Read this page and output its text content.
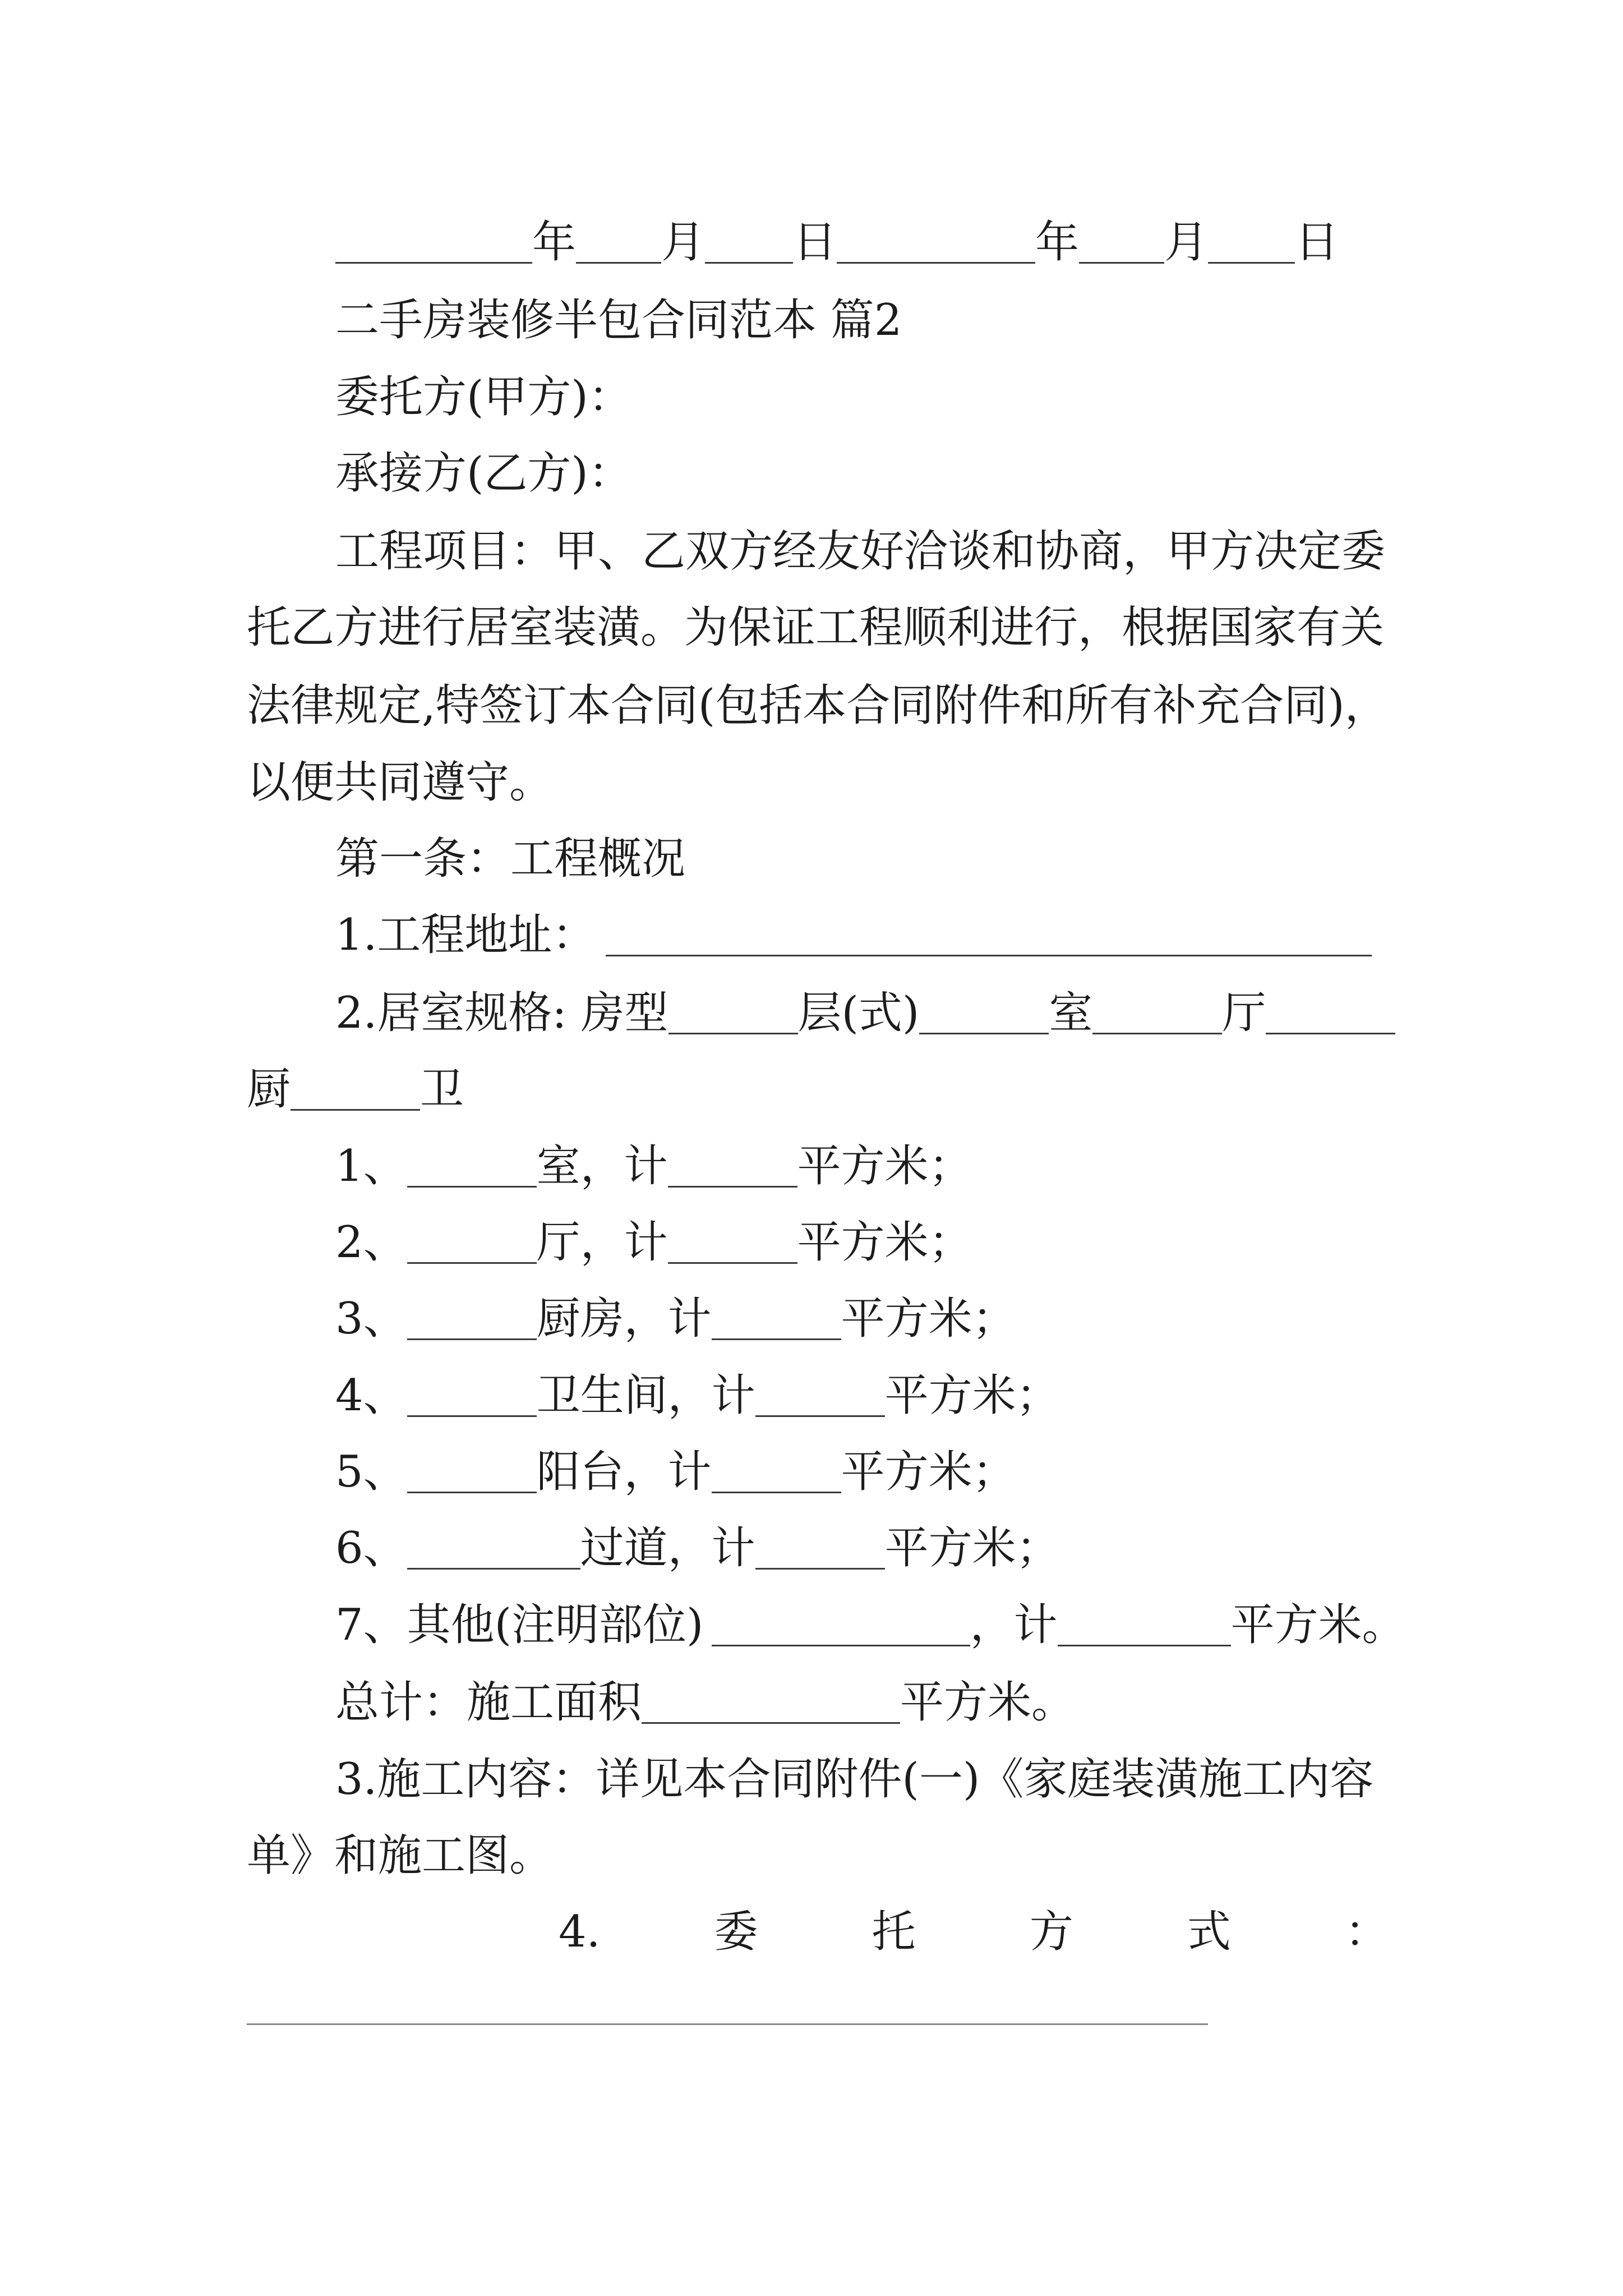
年 月 日	年 月 日
二手房装修半包合同范本 篇2
委托方(甲方)：
承接方(乙方)：
工程项目：甲、乙双方经友好洽谈和协商，甲方决定委
托乙方进行居室装潢。为保证工程顺利进行，根据国家有关
法律规定,特签订本合同(包括本合同附件和所有补充合同)，
以便共同遵守。
第一条：工程概况
1.工程地址：
2.居室规格: 房型	层(式)	室	厅
厨	卫
1、	室 ，计	平方米；
2、	厅 ，计	平方米；
3、	厨房 ，计	平方米；
4、	卫生间 ，计	平方米；
5、	阳台 ，计	平方米；
6、	过道 ，计	平方米；
7、其他(注明部位)	，计	平方米。
总计：施工面积	平方米。
3.施工内容：详见本合同附件(一)《家庭装潢施工内容
单》和施工图。
4.	委	托	方	式	：
